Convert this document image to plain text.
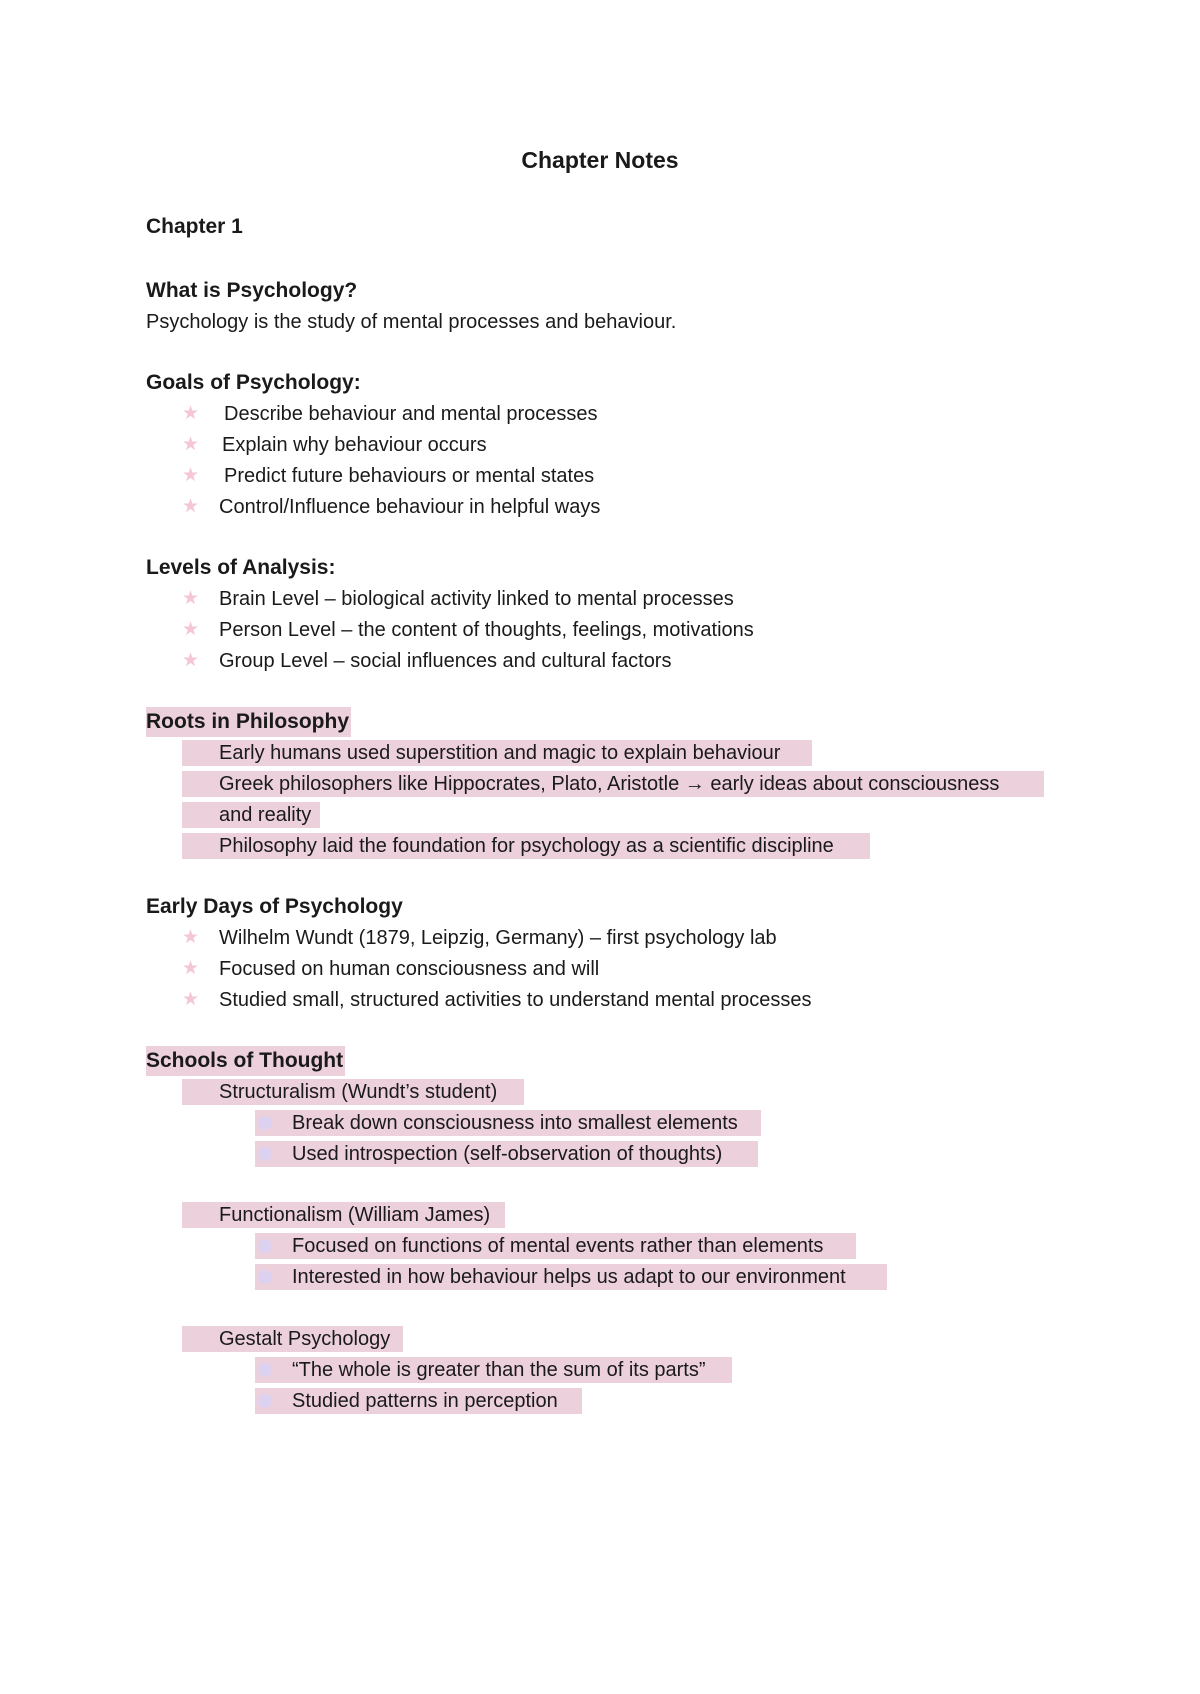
Chapter Notes
Chapter 1
What is Psychology?
Psychology is the study of mental processes and behaviour.
Goals of Psychology:
★ Describe behaviour and mental processes
★ Explain why behaviour occurs
★ Predict future behaviours or mental states
★ Control/Influence behaviour in helpful ways
Levels of Analysis:
★ Brain Level – biological activity linked to mental processes
★ Person Level – the content of thoughts, feelings, motivations
★ Group Level – social influences and cultural factors
Roots in Philosophy
Early humans used superstition and magic to explain behaviour
Greek philosophers like Hippocrates, Plato, Aristotle → early ideas about consciousness
and reality
Philosophy laid the foundation for psychology as a scientific discipline
Early Days of Psychology
★ Wilhelm Wundt (1879, Leipzig, Germany) – first psychology lab
★ Focused on human consciousness and will
★ Studied small, structured activities to understand mental processes
Schools of Thought
Structuralism (Wundt’s student)
Break down consciousness into smallest elements
Used introspection (self-observation of thoughts)
Functionalism (William James)
Focused on functions of mental events rather than elements
Interested in how behaviour helps us adapt to our environment
Gestalt Psychology
“The whole is greater than the sum of its parts”
Studied patterns in perception
